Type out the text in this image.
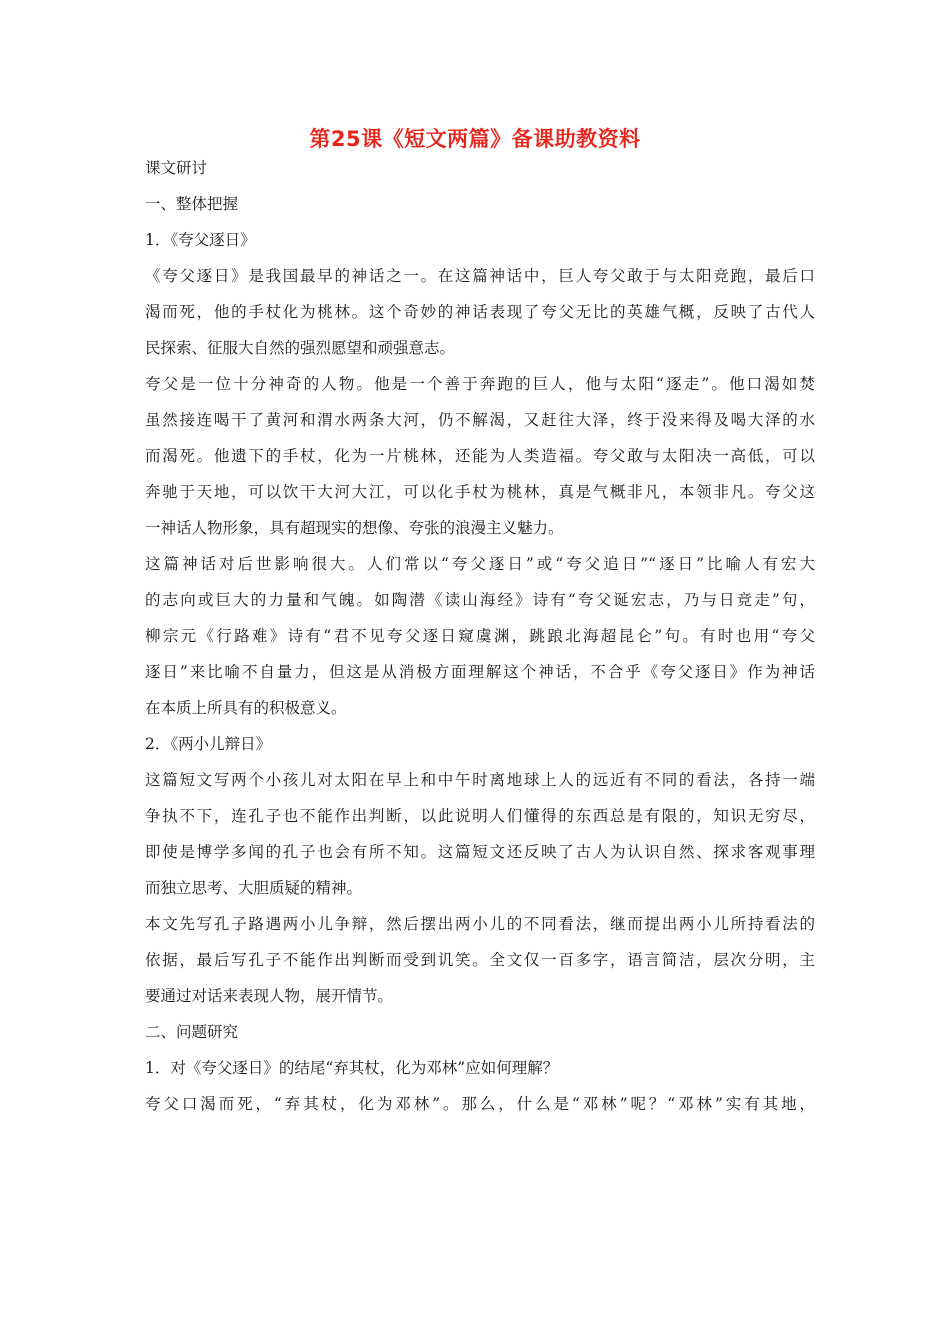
第25课《短文两篇》备课助教资料
课文研讨
一、整体把握
1．《夸父逐日》
《夸父逐日》是我国最早的神话之一。在这篇神话中，巨人夸父敢于与太阳竞跑，最后口
渴而死，他的手杖化为桃林。这个奇妙的神话表现了夸父无比的英雄气概，反映了古代人
民探索、征服大自然的强烈愿望和顽强意志。
夸父是一位十分神奇的人物。他是一个善于奔跑的巨人，他与太阳“逐走”。他口渴如焚
虽然接连喝干了黄河和渭水两条大河，仍不解渴，又赶往大泽，终于没来得及喝大泽的水
而渴死。他遗下的手杖，化为一片桃林，还能为人类造福。夸父敢与太阳决一高低，可以
奔驰于天地，可以饮干大河大江，可以化手杖为桃林，真是气概非凡，本领非凡。夸父这
一神话人物形象，具有超现实的想像、夸张的浪漫主义魅力。
这篇神话对后世影响很大。人们常以“夸父逐日”或“夸父追日”“逐日”比喻人有宏大
的志向或巨大的力量和气魄。如陶潜《读山海经》诗有“夸父诞宏志，乃与日竞走”句，
柳宗元《行路难》诗有“君不见夸父逐日窥虞渊，跳踉北海超昆仑”句。有时也用“夸父
逐日”来比喻不自量力，但这是从消极方面理解这个神话，不合乎《夸父逐日》作为神话
在本质上所具有的积极意义。
2．《两小儿辩日》
这篇短文写两个小孩儿对太阳在早上和中午时离地球上人的远近有不同的看法，各持一端
争执不下，连孔子也不能作出判断，以此说明人们懂得的东西总是有限的，知识无穷尽，
即使是博学多闻的孔子也会有所不知。这篇短文还反映了古人为认识自然、探求客观事理
而独立思考、大胆质疑的精神。
本文先写孔子路遇两小儿争辩，然后摆出两小儿的不同看法，继而提出两小儿所持看法的
依据，最后写孔子不能作出判断而受到讥笑。全文仅一百多字，语言简洁，层次分明，主
要通过对话来表现人物，展开情节。
二、问题研究
1．对《夸父逐日》的结尾“弃其杖，化为邓林”应如何理解？
夸父口渴而死，“弃其杖，化为邓林”。那么，什么是“邓林”呢？“邓林”实有其地，
